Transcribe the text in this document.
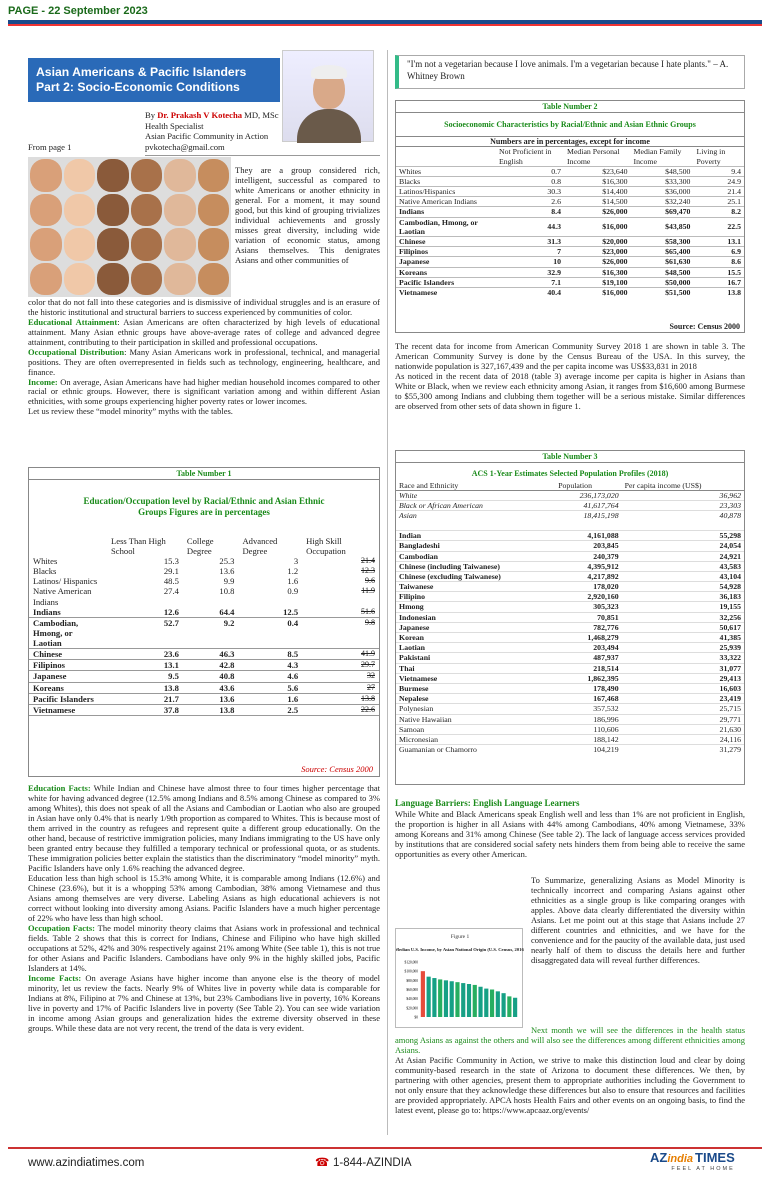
PAGE - 22 September 2023
Asian Americans & Pacific Islanders
Part 2: Socio-Economic Conditions
By Dr. Prakash V Kotecha MD, MSc
Health Specialist
Asian Pacific Community in Action
pvkotecha@gmail.com
From page 1
They are a group considered rich, intelligent, successful as compared to white Americans or another ethnicity in general. For a moment, it may sound good, but this kind of grouping trivializes individual achievements and grossly misses great diversity, including wide variation of economic status, among Asians themselves. This denigrates Asians and other communities of
color that do not fall into these categories and is dismissive of individual struggles and is an erasure of the historic institutional and structural barriers to success experienced by communities of color.
Educational Attainment: Asian Americans are often characterized by high levels of educational attainment. Many Asian ethnic groups have above-average rates of college and advanced degree attainment, contributing to their participation in skilled and professional occupations.
Occupational Distribution: Many Asian Americans work in professional, technical, and managerial positions. They are often overrepresented in fields such as technology, engineering, healthcare, and finance.
Income: On average, Asian Americans have had higher median household incomes compared to other racial or ethnic groups. However, there is significant variation among and within different Asian ethnicities, with some groups experiencing higher poverty rates or lower incomes.
Let us review these “model minority” myths with the tables.
Table Number 1
Education/Occupation level by Racial/Ethnic and Asian Ethnic Groups Figures are in percentages
	Less Than High School	College Degree	Advanced Degree	High Skill Occupation
Whites	15.3	25.3	3	21.4
Blacks	29.1	13.6	1.2	12.3
Latinos/ Hispanics	48.5	9.9	1.6	9.6
Native American Indians	27.4	10.8	0.9	11.9
Indians	12.6	64.4	12.5	51.6
Cambodian, Hmong, or Laotian	52.7	9.2	0.4	9.8
Chinese	23.6	46.3	8.5	41.9
Filipinos	13.1	42.8	4.3	29.7
Japanese	9.5	40.8	4.6	32
Koreans	13.8	43.6	5.6	27
Pacific Islanders	21.7	13.6	1.6	13.8
Vietnamese	37.8	13.8	2.5	22.6
Source: Census 2000
Education Facts: While Indian and Chinese have almost three to four times higher percentage that white for having advanced degree (12.5% among Indians and 8.5% among Chinese as compared to 3% among Whites), this does not speak of all the Asians and Cambodian or Laotian who also are grouped in Asian have only 0.4% that is nearly 1/9th proportion as compared to Whites. This is because most of them arrived in the country as refugees and represent quite a different group educationally. On the other hand, because of restrictive immigration policies, many Indians immigrating to the US have only been granted entry because they fulfilled a temporary technical or professional quota, or as students. These immigration policies better explain the statistics than the discriminatory “model minority” myth. Pacific Islanders have only 1.6% reaching the advanced degree.
Education less than high school is 15.3% among White, it is comparable among Indians (12.6%) and Chinese (23.6%), but it is a whopping 53% among Cambodian, 38% among Vietnamese and thus Asians among themselves are very diverse. Labeling Asians as high educational achievers is not correct without looking into diversity among Asians. Pacific Islanders have a much higher percentage of 22% who have less than high school.
Occupation Facts: The model minority theory claims that Asians work in professional and technical fields. Table 2 shows that this is correct for Indians, Chinese and Filipino who have high skilled occupations at 52%, 42% and 30% respectively against 21% among White (See table 1), this is not true for other Asians and Pacific Islanders. Cambodians have only 9% in the highly skilled jobs, Pacific Islanders at 14%.
Income Facts: On average Asians have higher income than anyone else is the theory of model minority, let us review the facts. Nearly 9% of Whites live in poverty while data is comparable for Indians at 8%, Filipino at 7% and Chinese at 13%, but 23% Cambodians live in poverty, 16% Koreans live in poverty and 17% of Pacific Islanders live in poverty (See Table 2). You can see wide variation in income among Asian groups and generalization hides the extreme diversity observed in these groups. While these data are not very recent, the trend of the data is very evident.
"I'm not a vegetarian because I love animals. I'm a vegetarian because I hate plants." – A. Whitney Brown
Table Number 2
Socioeconomic Characteristics by Racial/Ethnic and Asian Ethnic Groups
Numbers are in percentages, except for income
	Not Proficient in English	Median Personal Income	Median Family Income	Living in Poverty
Whites	0.7	$23,640	$48,500	9.4
Blacks	0.8	$16,300	$33,300	24.9
Latinos/Hispanics	30.3	$14,400	$36,000	21.4
Native American Indians	2.6	$14,500	$32,240	25.1
Indians	8.4	$26,000	$69,470	8.2
Cambodian, Hmong, or Laotian	44.3	$16,000	$43,850	22.5
Chinese	31.3	$20,000	$58,300	13.1
Filipinos	7	$23,000	$65,400	6.9
Japanese	10	$26,000	$61,630	8.6
Koreans	32.9	$16,300	$48,500	15.5
Pacific Islanders	7.1	$19,100	$50,000	16.7
Vietnamese	40.4	$16,000	$51,500	13.8
Source: Census 2000
The recent data for income from American Community Survey 2018 1 are shown in table 3. The American Community Survey is done by the Census Bureau of the USA. In this survey, the nationwide population is 327,167,439 and the per capita income was US$33,831 in 2018
As noticed in the recent data of 2018 (table 3) average income per capita is higher in Asians than White or Black, when we review each ethnicity among Asian, it ranges from $16,600 among Burmese to $55,300 among Indians and clubbing them together will be a serious mistake. Similar differences are observed from other sets of data shown in figure 1.
Table Number 3
ACS 1-Year Estimates Selected Population Profiles (2018)
Race and Ethnicity	Population	Per capita income (US$)
White	236,173,020	36,962
Black or African American	41,617,764	23,303
Asian	18,415,198	40,878

Indian	4,161,088	55,298
Bangladeshi	203,845	24,054
Cambodian	240,379	24,921
Chinese (including Taiwanese)	4,395,912	43,583
Chinese (excluding Taiwanese)	4,217,892	43,104
Taiwanese	178,020	54,928
Filipino	2,920,160	36,183
Hmong	305,323	19,155
Indonesian	70,851	32,256
Japanese	782,776	50,617
Korean	1,468,279	41,385
Laotian	203,494	25,939
Pakistani	487,937	33,322
Thai	218,514	31,077
Vietnamese	1,862,395	29,413
Burmese	178,490	16,603
Nepalese	167,468	23,419
Polynesian	357,532	25,715
Native Hawaiian	186,996	29,771
Samoan	110,606	21,630
Micronesian	188,142	24,116
Guamanian or Chamorro	104,219	31,279
Language Barriers: English Language Learners
While White and Black Americans speak English well and less than 1% are not proficient in English, the proportion is higher in all Asians with 44% among Cambodians, 40% among Vietnamese, 33% among Koreans and 31% among Chinese (See table 2). The lack of language access services provided by institutions that are considered social safety nets hinders them from being able to receive the same opportunities as every other American.
Figure 1
Median U.S. Income, by Asian National Origin (U.S. Census, 2016)
$120,000
$100,000
$80,000
$60,000
$40,000
$20,000
$0
To Summarize, generalizing Asians as Model Minority is technically incorrect and comparing Asians against other ethnicities as a single group is like comparing oranges with apples. Above data clearly differentiated the diversity within Asians. Let me point out at this stage that Asians include 27 different countries and ethnicities, and we have for the convenience and for the paucity of the available data, just used nearly half of them to discuss the details here and further disaggregated data will reveal further differences.
Next month we will see the differences in the health status among Asians as against the others and will also see the differences among different ethnicities among Asians.
At Asian Pacific Community in Action, we strive to make this distinction loud and clear by doing community-based research in the state of Arizona to document these differences. We then, by partnering with other agencies, present them to appropriate authorities including the Government to not only ensure that they acknowledge these differences but also to ensure that resources and facilities are provided appropriately. APCA hosts Health Fairs and other events on an ongoing basis, to find the latest event, please go to: https://www.apcaaz.org/events/
www.azindiatimes.com	☎ 1-844-AZINDIA	AZindia TIMES
FEEL AT HOME
